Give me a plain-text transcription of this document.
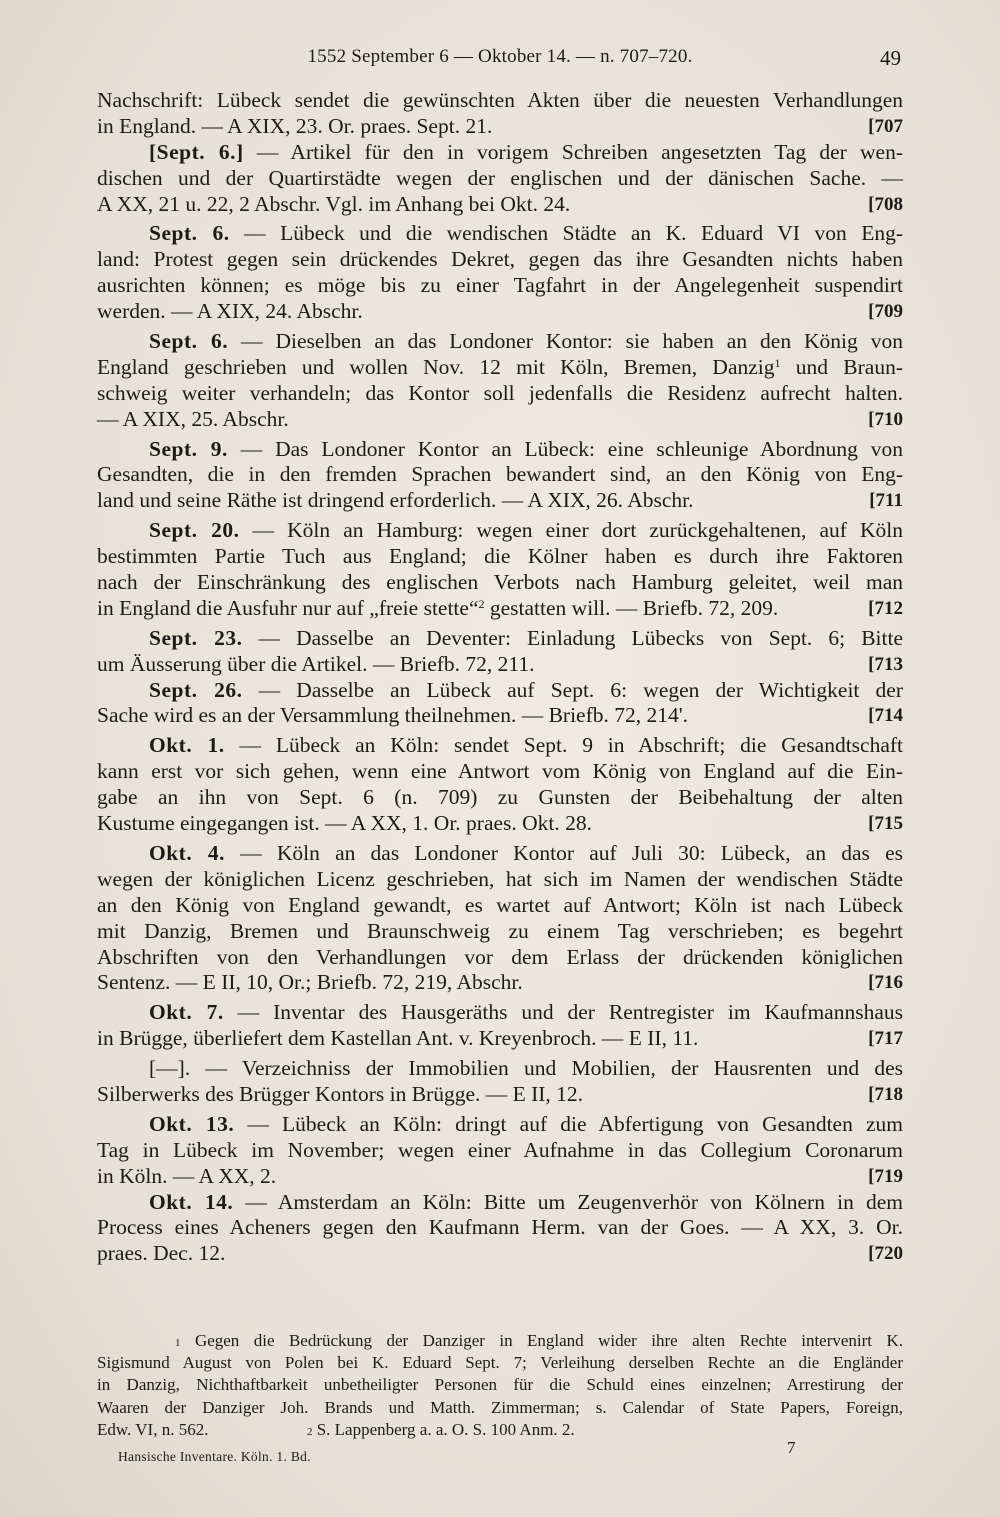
1552 September 6 — Oktober 14. — n. 707–720.	49
Nachschrift: Lübeck sendet die gewünschten Akten über die neuesten Verhandlungen
in England. — A XIX, 23. Or. praes. Sept. 21.	[707
[Sept. 6.] — Artikel für den in vorigem Schreiben angesetzten Tag der wen-
dischen und der Quartirstädte wegen der englischen und der dänischen Sache. —
A XX, 21 u. 22, 2 Abschr. Vgl. im Anhang bei Okt. 24.	[708
Sept. 6. — Lübeck und die wendischen Städte an K. Eduard VI von Eng-
land: Protest gegen sein drückendes Dekret, gegen das ihre Gesandten nichts haben
ausrichten können; es möge bis zu einer Tagfahrt in der Angelegenheit suspendirt
werden. — A XIX, 24. Abschr.	[709
Sept. 6. — Dieselben an das Londoner Kontor: sie haben an den König von
England geschrieben und wollen Nov. 12 mit Köln, Bremen, Danzig$^1$ und Braun-
schweig weiter verhandeln; das Kontor soll jedenfalls die Residenz aufrecht halten.
— A XIX, 25. Abschr.	[710
Sept. 9. — Das Londoner Kontor an Lübeck: eine schleunige Abordnung von
Gesandten, die in den fremden Sprachen bewandert sind, an den König von Eng-
land und seine Räthe ist dringend erforderlich. — A XIX, 26. Abschr.	[711
Sept. 20. — Köln an Hamburg: wegen einer dort zurückgehaltenen, auf Köln
bestimmten Partie Tuch aus England; die Kölner haben es durch ihre Faktoren
nach der Einschränkung des englischen Verbots nach Hamburg geleitet, weil man
in England die Ausfuhr nur auf „freie stette“$^2$ gestatten will. — Briefb. 72, 209.	[712
Sept. 23. — Dasselbe an Deventer: Einladung Lübecks von Sept. 6; Bitte
um Äusserung über die Artikel. — Briefb. 72, 211.	[713
Sept. 26. — Dasselbe an Lübeck auf Sept. 6: wegen der Wichtigkeit der
Sache wird es an der Versammlung theilnehmen. — Briefb. 72, 214'.	[714
Okt. 1. — Lübeck an Köln: sendet Sept. 9 in Abschrift; die Gesandtschaft
kann erst vor sich gehen, wenn eine Antwort vom König von England auf die Ein-
gabe an ihn von Sept. 6 (n. 709) zu Gunsten der Beibehaltung der alten
Kustume eingegangen ist. — A XX, 1. Or. praes. Okt. 28.	[715
Okt. 4. — Köln an das Londoner Kontor auf Juli 30: Lübeck, an das es
wegen der königlichen Licenz geschrieben, hat sich im Namen der wendischen Städte
an den König von England gewandt, es wartet auf Antwort; Köln ist nach Lübeck
mit Danzig, Bremen und Braunschweig zu einem Tag verschrieben; es begehrt
Abschriften von den Verhandlungen vor dem Erlass der drückenden königlichen
Sentenz. — E II, 10, Or.; Briefb. 72, 219, Abschr.	[716
Okt. 7. — Inventar des Hausgeräths und der Rentregister im Kaufmannshaus
in Brügge, überliefert dem Kastellan Ant. v. Kreyenbroch. — E II, 11.	[717
[—]. — Verzeichniss der Immobilien und Mobilien, der Hausrenten und des
Silberwerks des Brügger Kontors in Brügge. — E II, 12.	[718
Okt. 13. — Lübeck an Köln: dringt auf die Abfertigung von Gesandten zum
Tag in Lübeck im November; wegen einer Aufnahme in das Collegium Coronarum
in Köln. — A XX, 2.	[719
Okt. 14. — Amsterdam an Köln: Bitte um Zeugenverhör von Kölnern in dem
Process eines Acheners gegen den Kaufmann Herm. van der Goes. — A XX, 3. Or.
praes. Dec. 12.	[720
$^1$ Gegen die Bedrückung der Danziger in England wider ihre alten Rechte intervenirt K.
Sigismund August von Polen bei K. Eduard Sept. 7; Verleihung derselben Rechte an die Engländer
in Danzig, Nichthaftbarkeit unbetheiligter Personen für die Schuld eines einzelnen; Arrestirung der
Waaren der Danziger Joh. Brands und Matth. Zimmerman; s. Calendar of State Papers, Foreign,
Edw. VI, n. 562.	$^2$ S. Lappenberg a. a. O. S. 100 Anm. 2.
Hansische Inventare. Köln. 1. Bd.	7
